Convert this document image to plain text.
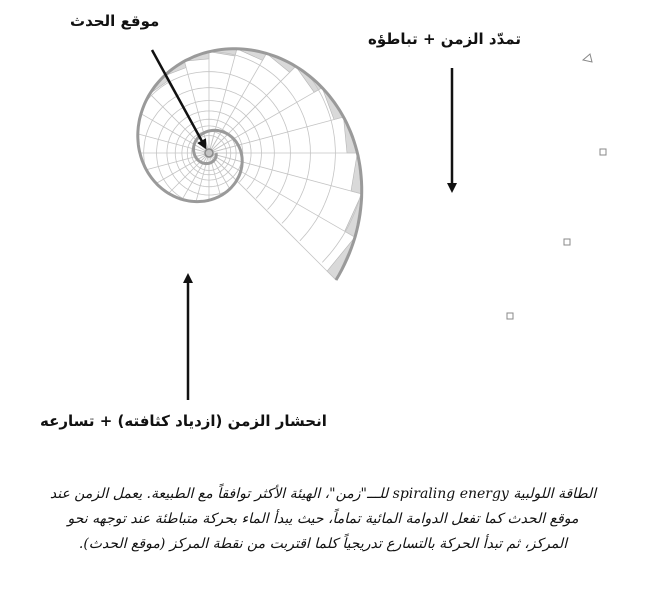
موقع الحدث
تمدّد الزمن + تباطؤه
انحشار الزمن (ازدياد كثافته) + تسارعه
الطاقة اللولبية spiraling energy للـــ"زمن"، الهيئة الأكثر توافقاً مع الطبيعة. يعمل الزمن عند
موقع الحدث كما تفعل الدوامة المائية تماماً، حيث يبدأ الماء بحركة متباطئة عند توجهه نحو
المركز، ثم تبدأ الحركة بالتسارع تدريجياً كلما اقتربت من نقطة المركز (موقع الحدث).
